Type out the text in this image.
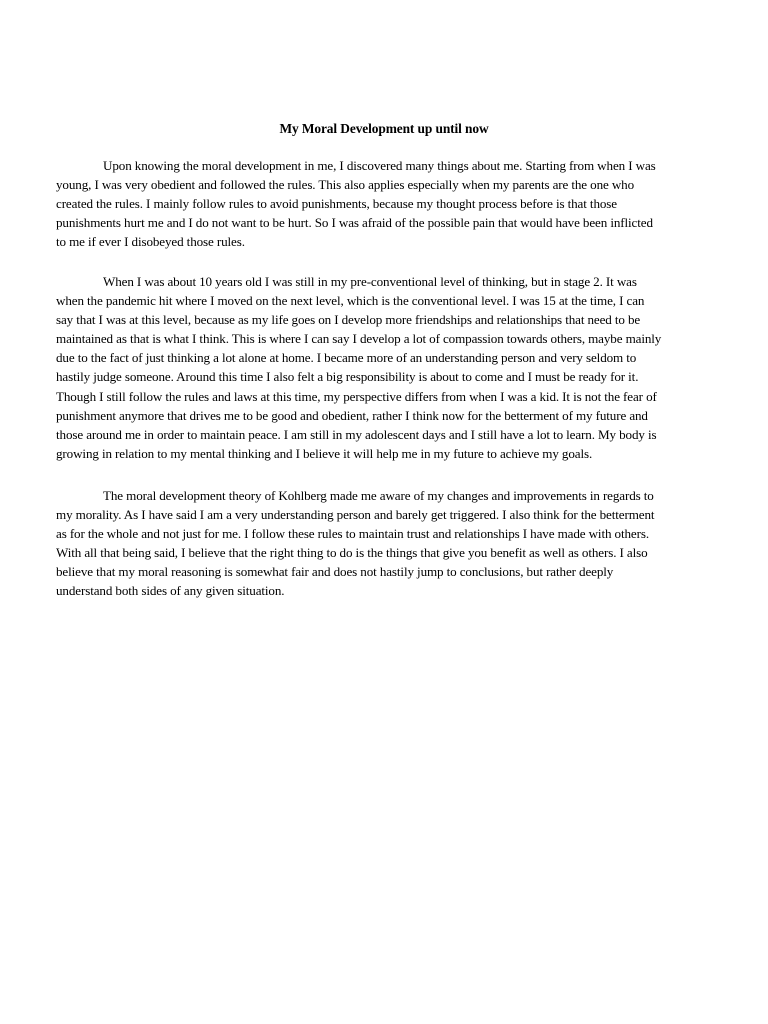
My Moral Development up until now
Upon knowing the moral development in me, I discovered many things about me. Starting from when I was
young, I was very obedient and followed the rules. This also applies especially when my parents are the one who
created the rules. I mainly follow rules to avoid punishments, because my thought process before is that those
punishments hurt me and I do not want to be hurt. So I was afraid of the possible pain that would have been inflicted
to me if ever I disobeyed those rules.
When I was about 10 years old I was still in my pre-conventional level of thinking, but in stage 2. It was
when the pandemic hit where I moved on the next level, which is the conventional level. I was 15 at the time, I can
say that I was at this level, because as my life goes on I develop more friendships and relationships that need to be
maintained as that is what I think. This is where I can say I develop a lot of compassion towards others, maybe mainly
due to the fact of just thinking a lot alone at home. I became more of an understanding person and very seldom to
hastily judge someone. Around this time I also felt a big responsibility is about to come and I must be ready for it.
Though I still follow the rules and laws at this time, my perspective differs from when I was a kid. It is not the fear of
punishment anymore that drives me to be good and obedient, rather I think now for the betterment of my future and
those around me in order to maintain peace. I am still in my adolescent days and I still have a lot to learn. My body is
growing in relation to my mental thinking and I believe it will help me in my future to achieve my goals.
The moral development theory of Kohlberg made me aware of my changes and improvements in regards to
my morality. As I have said I am a very understanding person and barely get triggered. I also think for the betterment
as for the whole and not just for me. I follow these rules to maintain trust and relationships I have made with others.
With all that being said, I believe that the right thing to do is the things that give you benefit as well as others. I also
believe that my moral reasoning is somewhat fair and does not hastily jump to conclusions, but rather deeply
understand both sides of any given situation.
